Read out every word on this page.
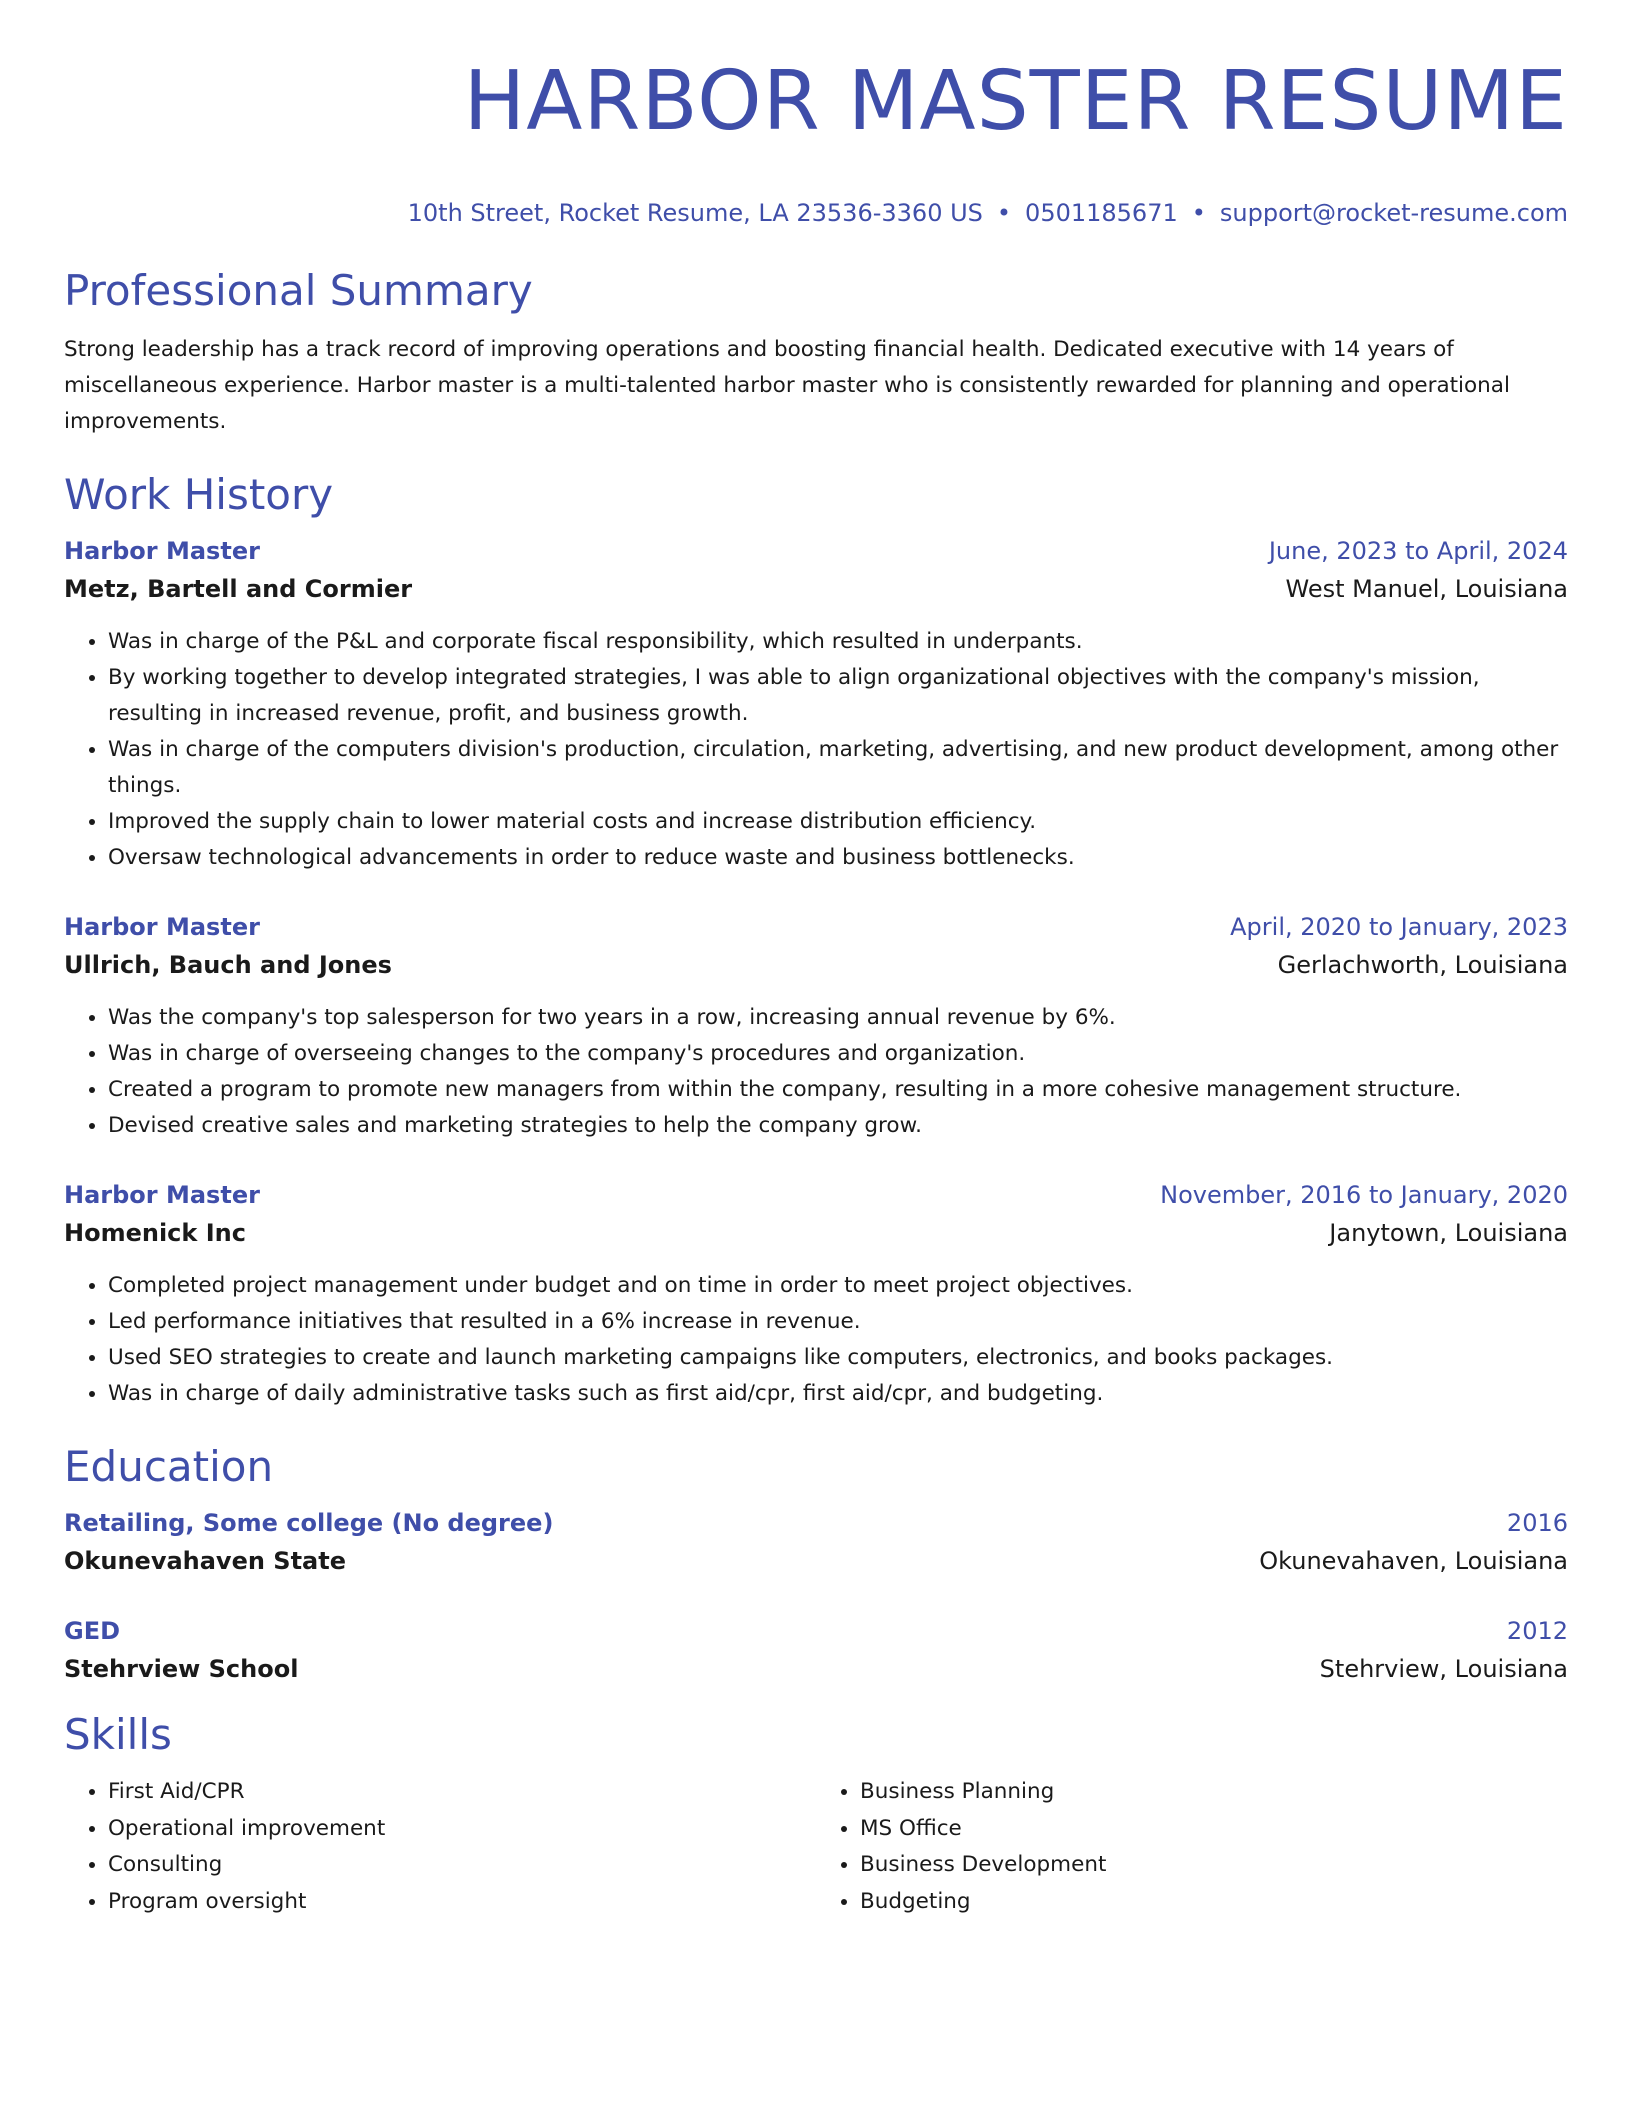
HARBOR MASTER RESUME
10th Street, Rocket Resume, LA 23536-3360 US • 0501185671 • support@rocket-resume.com
Professional Summary
Strong leadership has a track record of improving operations and boosting financial health. Dedicated executive with 14 years of miscellaneous experience. Harbor master is a multi-talented harbor master who is consistently rewarded for planning and operational improvements.
Work History
Harbor Master	June, 2023 to April, 2024
Metz, Bartell and Cormier	West Manuel, Louisiana
• Was in charge of the P&L and corporate fiscal responsibility, which resulted in underpants.
• By working together to develop integrated strategies, I was able to align organizational objectives with the company's mission, resulting in increased revenue, profit, and business growth.
• Was in charge of the computers division's production, circulation, marketing, advertising, and new product development, among other things.
• Improved the supply chain to lower material costs and increase distribution efficiency.
• Oversaw technological advancements in order to reduce waste and business bottlenecks.
Harbor Master	April, 2020 to January, 2023
Ullrich, Bauch and Jones	Gerlachworth, Louisiana
• Was the company's top salesperson for two years in a row, increasing annual revenue by 6%.
• Was in charge of overseeing changes to the company's procedures and organization.
• Created a program to promote new managers from within the company, resulting in a more cohesive management structure.
• Devised creative sales and marketing strategies to help the company grow.
Harbor Master	November, 2016 to January, 2020
Homenick Inc	Janytown, Louisiana
• Completed project management under budget and on time in order to meet project objectives.
• Led performance initiatives that resulted in a 6% increase in revenue.
• Used SEO strategies to create and launch marketing campaigns like computers, electronics, and books packages.
• Was in charge of daily administrative tasks such as first aid/cpr, first aid/cpr, and budgeting.
Education
Retailing, Some college (No degree)	2016
Okunevahaven State	Okunevahaven, Louisiana
GED	2012
Stehrview School	Stehrview, Louisiana
Skills
• First Aid/CPR
• Operational improvement
• Consulting
• Program oversight
• Business Planning
• MS Office
• Business Development
• Budgeting
